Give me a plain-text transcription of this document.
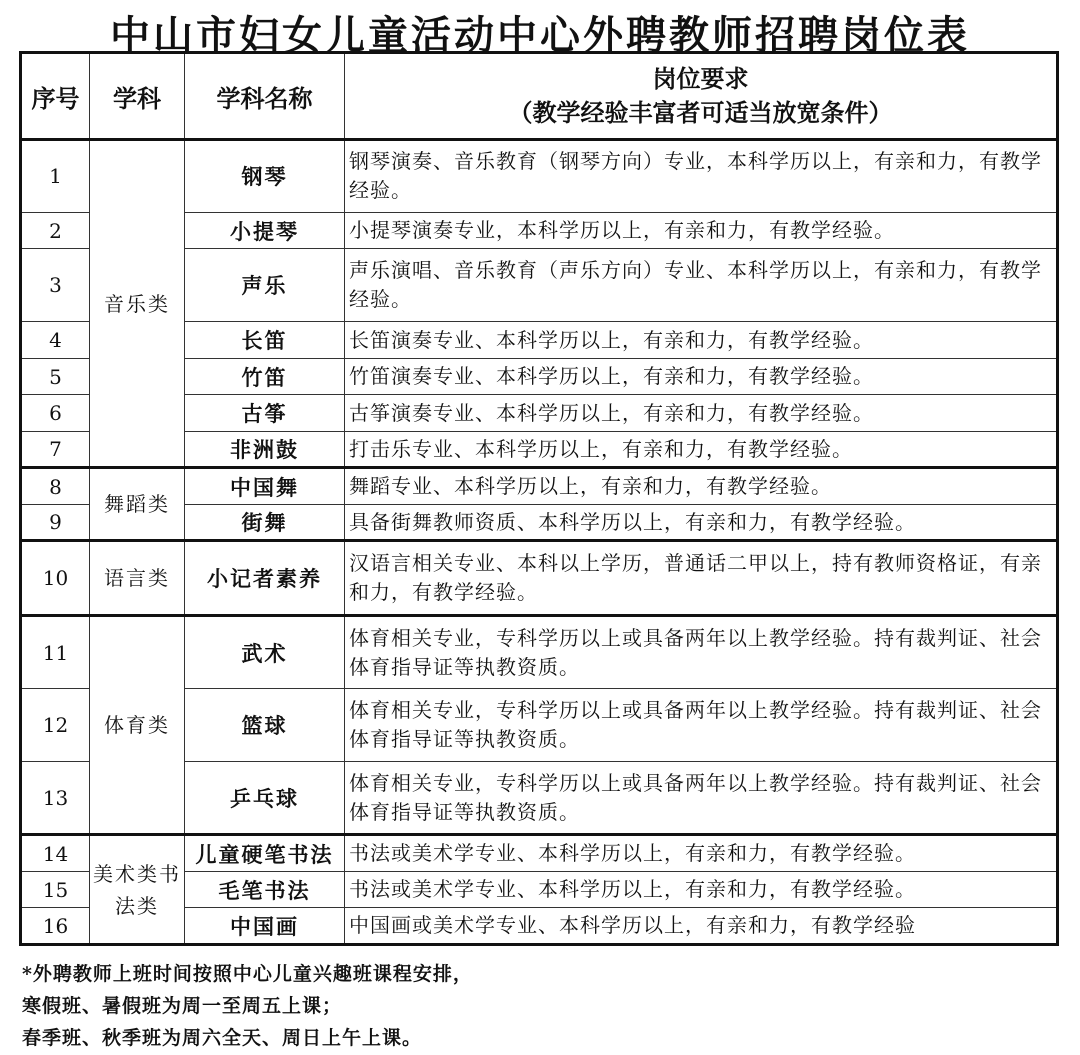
中山市妇女儿童活动中心外聘教师招聘岗位表
序号	学科	学科名称	岗位要求
（教学经验丰富者可适当放宽条件）

1	音乐类	钢琴	钢琴演奏、音乐教育（钢琴方向）专业，本科学历以上，有亲和力，有教学经验。
2		小提琴	小提琴演奏专业，本科学历以上，有亲和力，有教学经验。
3		声乐	声乐演唱、音乐教育（声乐方向）专业、本科学历以上，有亲和力，有教学经验。
4		长笛	长笛演奏专业、本科学历以上，有亲和力，有教学经验。
5		竹笛	竹笛演奏专业、本科学历以上，有亲和力，有教学经验。
6		古筝	古筝演奏专业、本科学历以上，有亲和力，有教学经验。
7		非洲鼓	打击乐专业、本科学历以上，有亲和力，有教学经验。
8	舞蹈类	中国舞	舞蹈专业、本科学历以上，有亲和力，有教学经验。
9		街舞	具备街舞教师资质、本科学历以上，有亲和力，有教学经验。
10	语言类	小记者素养	汉语言相关专业、本科以上学历，普通话二甲以上，持有教师资格证，有亲和力，有教学经验。
11	体育类	武术	体育相关专业，专科学历以上或具备两年以上教学经验。持有裁判证、社会体育指导证等执教资质。
12		篮球	体育相关专业，专科学历以上或具备两年以上教学经验。持有裁判证、社会体育指导证等执教资质。
13		乒乓球	体育相关专业，专科学历以上或具备两年以上教学经验。持有裁判证、社会体育指导证等执教资质。
14	美术类书法类	儿童硬笔书法	书法或美术学专业、本科学历以上，有亲和力，有教学经验。
15		毛笔书法	书法或美术学专业、本科学历以上，有亲和力，有教学经验。
16		中国画	中国画或美术学专业、本科学历以上，有亲和力，有教学经验
*外聘教师上班时间按照中心儿童兴趣班课程安排，
寒假班、暑假班为周一至周五上课；
春季班、秋季班为周六全天、周日上午上课。
